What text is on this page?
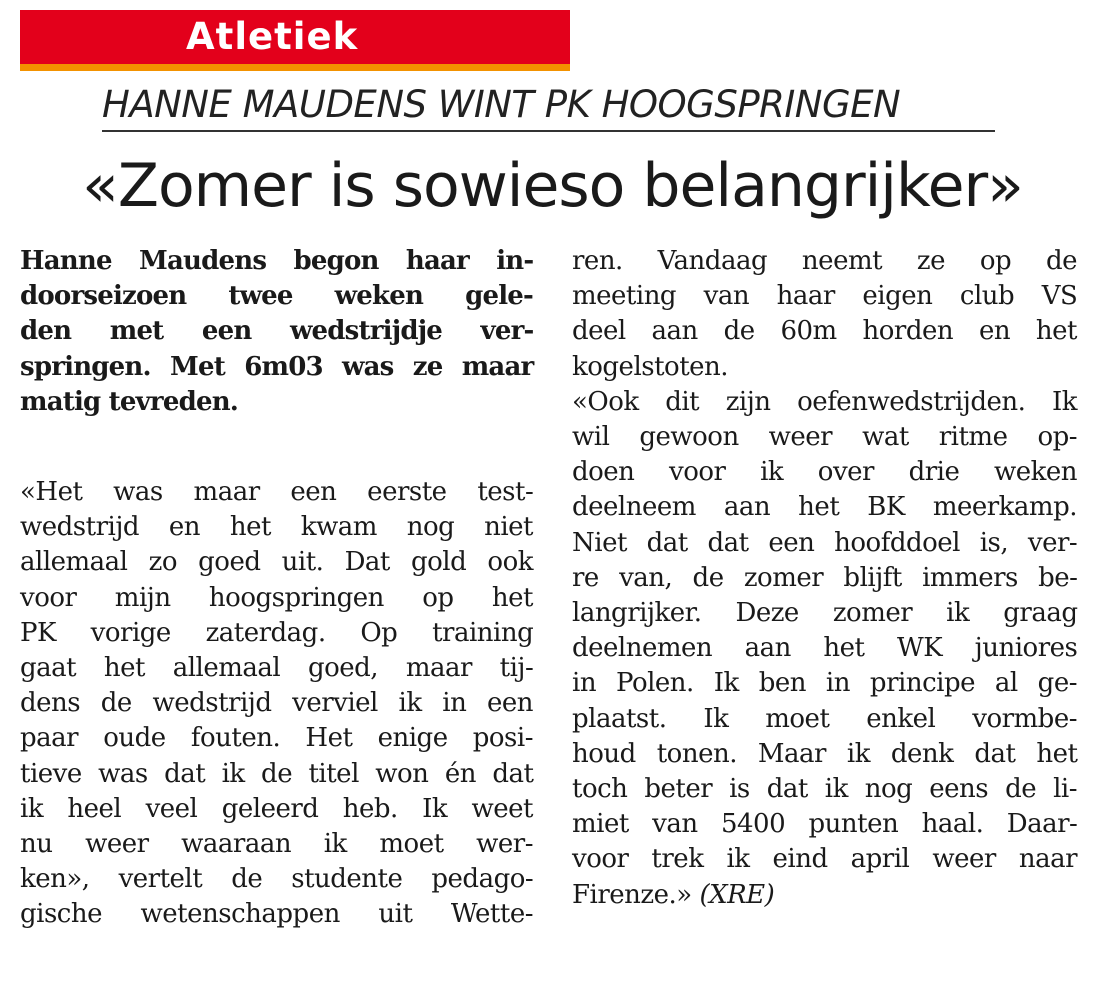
Atletiek
HANNE MAUDENS WINT PK HOOGSPRINGEN
«Zomer is sowieso belangrijker»
Hanne Maudens begon haar in-
doorseizoen twee weken gele-
den met een wedstrijdje ver-
springen. Met 6m03 was ze maar
matig tevreden.
«Het was maar een eerste test-
wedstrijd en het kwam nog niet
allemaal zo goed uit. Dat gold ook
voor mijn hoogspringen op het
PK vorige zaterdag. Op training
gaat het allemaal goed, maar tij-
dens de wedstrijd verviel ik in een
paar oude fouten. Het enige posi-
tieve was dat ik de titel won én dat
ik heel veel geleerd heb. Ik weet
nu weer waaraan ik moet wer-
ken», vertelt de studente pedago-
gische wetenschappen uit Wette-
ren. Vandaag neemt ze op de
meeting van haar eigen club VS
deel aan de 60m horden en het
kogelstoten.
«Ook dit zijn oefenwedstrijden. Ik
wil gewoon weer wat ritme op-
doen voor ik over drie weken
deelneem aan het BK meerkamp.
Niet dat dat een hoofddoel is, ver-
re van, de zomer blijft immers be-
langrijker. Deze zomer ik graag
deelnemen aan het WK juniores
in Polen. Ik ben in principe al ge-
plaatst. Ik moet enkel vormbe-
houd tonen. Maar ik denk dat het
toch beter is dat ik nog eens de li-
miet van 5400 punten haal. Daar-
voor trek ik eind april weer naar
Firenze.» (XRE)
